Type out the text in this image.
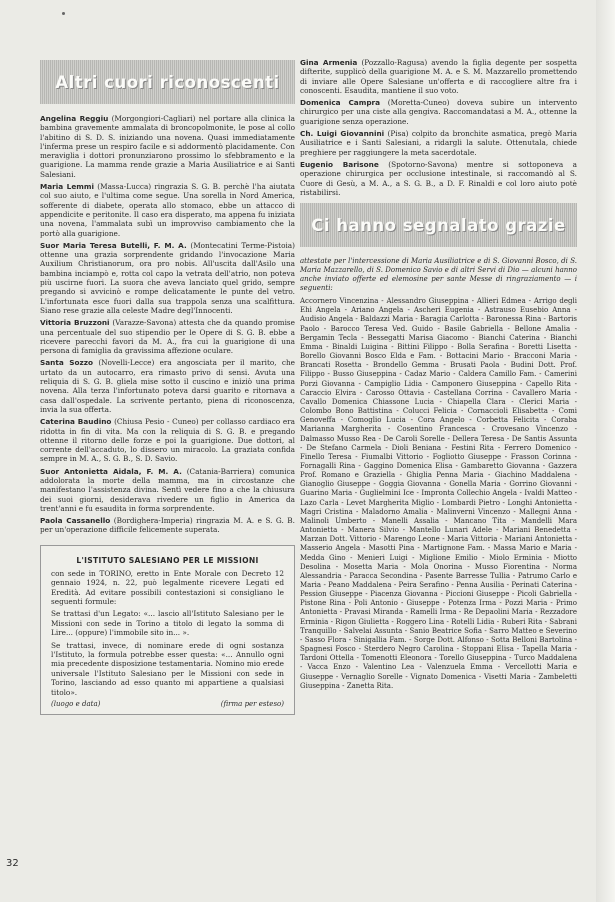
Altri cuori riconoscenti

Angelina Reggiu (Morgongiori-Cagliari) nel portare alla clinica la bambina gravemente ammalata di broncopolmonite, le pose al collo l'abitino di S. D. S. iniziando una novena. Quasi immediatamente l'inferma prese un respiro facile e si addormentò placidamente. Con meraviglia i dottori pronunziarono prossimo lo sfebbramento e la guarigione. La mamma rende grazie a Maria Ausiliatrice e ai Santi Salesiani.

Maria Lemmi (Massa-Lucca) ringrazia S. G. B. perchè l'ha aiutata col suo aiuto, e l'ultima come segue. Una sorella in Nord America, sofferente di diabete, operata allo stomaco, ebbe un attacco di appendicite e peritonite. Il caso era disperato, ma appena fu iniziata una novena, l'ammalata subì un improvviso cambiamento che la portò alla guarigione.

Suor Maria Teresa Butelli, F. M. A. (Montecatini Terme-Pistoia) ottenne una grazia sorprendente gridando l'invocazione Maria Auxilium Christianorum, ora pro nobis. All'uscita dall'Asilo una bambina inciampò e, rotta col capo la vetrata dell'atrio, non poteva più uscirne fuori. La suora che aveva lanciato quel grido, sempre pregando si avvicinò e rompe delicatamente le punte del vetro. L'infortunata esce fuori dalla sua trappola senza una scalfittura. Siano rese grazie alla celeste Madre degl'Innocenti.

Vittoria Bruzzoni (Varazze-Savona) attesta che da quando promise una percentuale del suo stipendio per le Opere di S. G. B. ebbe a ricevere parecchi favori da M. A., fra cui la guarigione di una persona di famiglia da gravissima affezione oculare.

Santa Sozzo (Novelli-Lecce) era angosciata per il marito, che urtato da un autocarro, era rimasto privo di sensi. Avuta una reliquia di S. G. B. gliela mise sotto il cuscino e iniziò una prima novena. Alla terza l'infortunato poteva darsi guarito e ritornava a casa dall'ospedale. La scrivente pertanto, piena di riconoscenza, invia la sua offerta.

Caterina Baudino (Chiusa Pesio - Cuneo) per collasso cardiaco era ridotta in fin di vita. Ma con la reliquia di S. G. B. e pregando ottenne il ritorno delle forze e poi la guarigione. Due dottori, al corrente dell'accaduto, lo dissero un miracolo. La graziata confida sempre in M. A., S. G. B., S. D. Savio.

Suor Antonietta Aidala, F. M. A. (Catania-Barriera) comunica addolorata la morte della mamma, ma in circostanze che manifestano l'assistenza divina. Sentì vedere fino a che la chiusura dei suoi giorni, desiderava rivedere un figlio in America da trent'anni e fu esaudita in forma sorprendente.

Paola Cassanello (Bordighera-Imperia) ringrazia M. A. e S. G. B. per un'operazione difficile felicemente superata.

L'ISTITUTO SALESIANO PER LE MISSIONI

con sede in TORINO, eretto in Ente Morale con Decreto 12 gennaio 1924, n. 22, può legalmente ricevere Legati ed Eredità. Ad evitare possibili contestazioni si consigliano le seguenti formule:

Se trattasi d'un Legato: «... lascio all'Istituto Salesiano per le Missioni con sede in Torino a titolo di legato la somma di Lire... (oppure) l'immobile sito in... ».

Se trattasi, invece, di nominare erede di ogni sostanza l'Istituto, la formula potrebbe esser questa: «... Annullo ogni mia precedente disposizione testamentaria. Nomino mio erede universale l'Istituto Salesiano per le Missioni con sede in Torino, lasciando ad esso quanto mi appartiene a qualsiasi titolo».

(luogo e data)	(firma per esteso)

Gina Armenia (Pozzallo-Ragusa) avendo la figlia degente per sospetta difterite, supplicò della guarigione M. A. e S. M. Mazzarello promettendo di inviare alle Opere Salesiane un'offerta e di raccogliere altre fra i conoscenti. Esaudita, mantiene il suo voto.

Domenica Campra (Moretta-Cuneo) doveva subire un intervento chirurgico per una ciste alla gengiva. Raccomandatasi a M. A., ottenne la guarigione senza operazione.

Ch. Luigi Giovannini (Pisa) colpito da bronchite asmatica, pregò Maria Ausiliatrice e i Santi Salesiani, a ridargli la salute. Ottenutala, chiede preghiere per raggiungere la meta sacerdotale.

Eugenio Barisone (Spotorno-Savona) mentre si sottoponeva a operazione chirurgica per occlusione intestinale, si raccomandò al S. Cuore di Gesù, a M. A., a S. G. B., a D. F. Rinaldi e col loro aiuto potè ristabilirsi.

Ci hanno segnalato grazie

attestate per l'intercessione di Maria Ausiliatrice e di S. Giovanni Bosco, di S. Maria Mazzarello, di S. Domenico Savio e di altri Servi di Dio — alcuni hanno anche inviato offerte ed elemosine per sante Messe di ringraziamento — i seguenti:

Accornero Vincenzina - Alessandro Giuseppina - Allieri Edmea - Arrigo degli Ehi Angela - Ariano Angela - Ascheri Eugenia - Astrauso Eusebio Anna - Audisio Angela - Baldazzi Maria - Baragia Carlotta - Baronessa Rina - Bartoris Paolo - Barocco Teresa Ved. Guido - Basile Gabriella - Bellone Amalia - Bergamin Tecla - Bessegatti Marisa Giacomo - Bianchi Caterina - Bianchi Emma - Binaldi Luigina - Bittini Filippo - Bolla Serafina - Boretti Lisetta - Borello Giovanni Bosco Elda e Fam. - Bottacini Mario - Bracconi Maria - Brancati Rosetta - Brondello Gemma - Brusati Paola - Budini Dott. Prof. Filippo - Busso Giuseppina - Cadaz Mario - Caldera Camillo Fam. - Camerini Porzi Giovanna - Campiglio Lidia - Camponero Giuseppina - Capello Rita - Caraccio Elvira - Carosso Ottavia - Castellana Corrina - Cavallero Maria - Cavallo Domenica Chiassone Lucia - Chiapella Clara - Clerici Maria - Colombo Bono Battistina - Colucci Felicia - Cornaccioli Elisabetta - Comi Genoveffa - Comoglio Lucia - Cora Angelo - Corbetta Felicita - Coraba Marianna Margherita - Cosentino Francesca - Crovesano Vincenzo - Dalmasso Musso Rea - De Caroli Sorelle - Dellera Teresa - De Santis Assunta - De Stefano Carmela - Dioli Beniana - Festini Rita - Ferrero Domenico - Finello Teresa - Fiumalbi Vittorio - Fogliotto Giuseppe - Frasson Corinna - Fornagalli Rina - Gaggino Domenica Elisa - Gambaretto Giovanna - Gazzera Prof. Romano e Graziella - Ghiglia Penna Maria - Giachino Maddalena - Gianoglio Giuseppe - Goggia Giovanna - Gonella Maria - Gorrino Giovanni - Guarino Maria - Guglielmini Ice - Impronta Collechio Angela - Ivaldi Matteo - Lazo Carla - Levet Margherita Miglio - Lombardi Pietro - Longhi Antonietta - Magri Cristina - Maladorno Amalia - Malinverni Vincenzo - Mallegni Anna - Malinoli Umberto - Manelli Assalia - Mancano Tita - Mandelli Mara Antonietta - Manera Silvio - Mantello Lunari Adele - Mariani Benedetta - Marzan Dott. Vittorio - Marengo Leone - Maria Vittoria - Mariani Antonietta - Masserio Angela - Masotti Pina - Martignone Fam. - Massa Mario e Maria - Medda Gino - Menieri Luigi - Miglione Emilio - Miolo Erminia - Miotto Desolina - Mosetta Maria - Mola Onorina - Musso Fiorentina - Norma Alessandria - Paracca Secondina - Pasente Barresse Tullia - Patrumo Carlo e Maria - Peano Maddalena - Peira Serafino - Penna Ausilia - Perinati Caterina - Pession Giuseppe - Piacenza Giovanna - Piccioni Giuseppe - Picoli Gabriella - Pistone Rina - Poli Antonio - Giuseppe - Potenza Irma - Pozzi Maria - Primo Antonietta - Pravasi Miranda - Ramelli Irma - Re Depaolini Maria - Rezzadore Erminia - Rigon Giulietta - Roggero Lina - Rotelli Lidia - Ruberi Rita - Sabrani Tranquillo - Salvelai Assunta - Sanio Beatrice Sofia - Sarro Matteo e Severino - Sasso Flora - Sinigallia Fam. - Sorge Dott. Alfonso - Sotta Belloni Bartolina - Spagnesi Fosco - Sterdero Negro Carolina - Stoppani Elisa - Tapella Maria - Tardoni Ottella - Tomenotti Eleonora - Torello Giuseppina - Turco Maddalena - Vacca Enzo - Valentino Lea - Valenzuela Emma - Vercellotti Maria e Giuseppe - Vernaglio Sorelle - Vignato Domenica - Visetti Maria - Zambeletti Giuseppina - Zanetta Rita.

32
